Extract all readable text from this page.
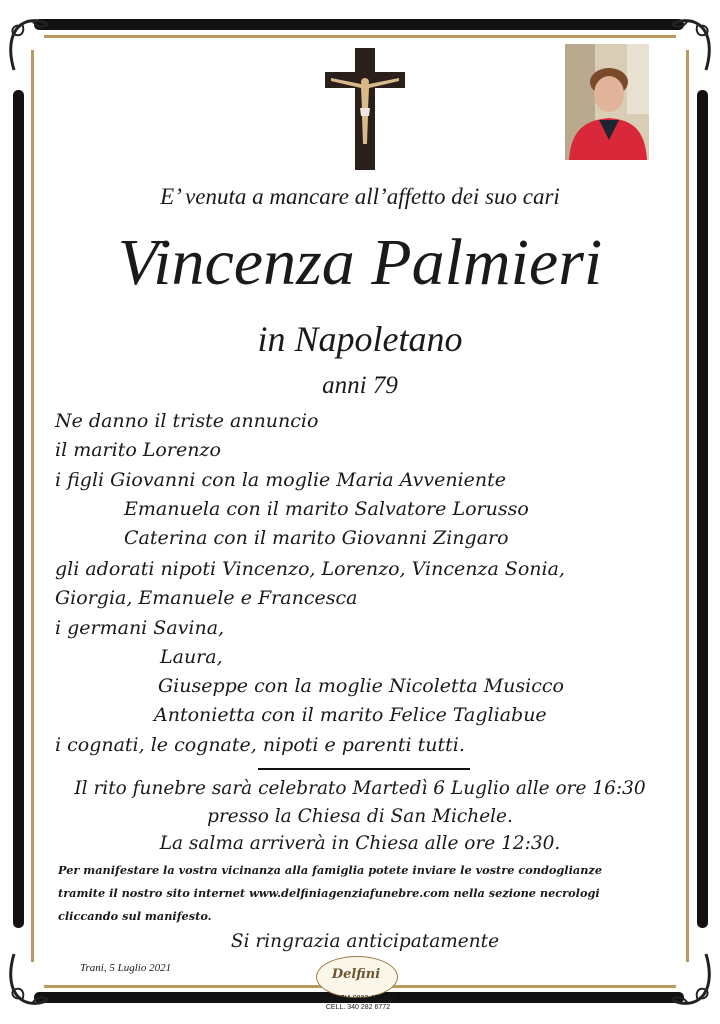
E’ venuta a mancare all’affetto dei suo cari
Vincenza Palmieri
in Napoletano
anni 79
Ne danno il triste annuncio
il marito Lorenzo
i figli Giovanni con la moglie Maria Avveniente
Emanuela con il marito Salvatore Lorusso
Caterina con il marito Giovanni Zingaro
gli adorati nipoti Vincenzo, Lorenzo, Vincenza Sonia,
Giorgia, Emanuele e Francesca
i germani Savina,
Laura,
Giuseppe con la moglie Nicoletta Musicco
Antonietta con il marito Felice Tagliabue
i cognati, le cognate, nipoti e parenti tutti.
Il rito funebre sarà celebrato Martedì 6 Luglio alle ore 16:30
presso la Chiesa di San Michele.
La salma arriverà in Chiesa alle ore 12:30.
Per manifestare la vostra vicinanza alla famiglia potete inviare le vostre condoglianze
tramite il nostro sito internet www.delfiniagenziafunebre.com nella sezione necrologi
cliccando sul manifesto.
Si ringrazia anticipatamente
Trani, 5 Luglio 2021	Delfini
AGENZIA 0883 481 608
CELL. 340 282 6772
